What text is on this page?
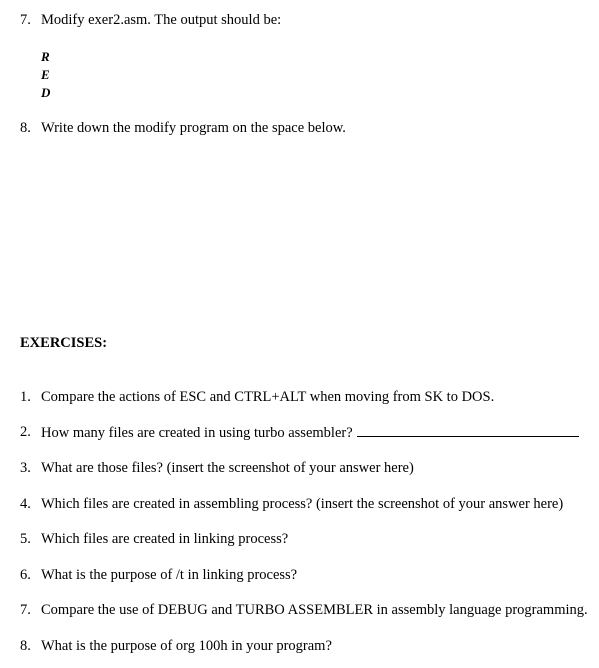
7. Modify exer2.asm. The output should be:
R
E
D
8. Write down the modify program on the space below.
EXERCISES:
1. Compare the actions of ESC and CTRL+ALT when moving from SK to DOS.
2. How many files are created in using turbo assembler?
3. What are those files? (insert the screenshot of your answer here)
4. Which files are created in assembling process? (insert the screenshot of your answer here)
5. Which files are created in linking process?
6. What is the purpose of /t in linking process?
7. Compare the use of DEBUG and TURBO ASSEMBLER in assembly language programming.
8. What is the purpose of org 100h in your program?
